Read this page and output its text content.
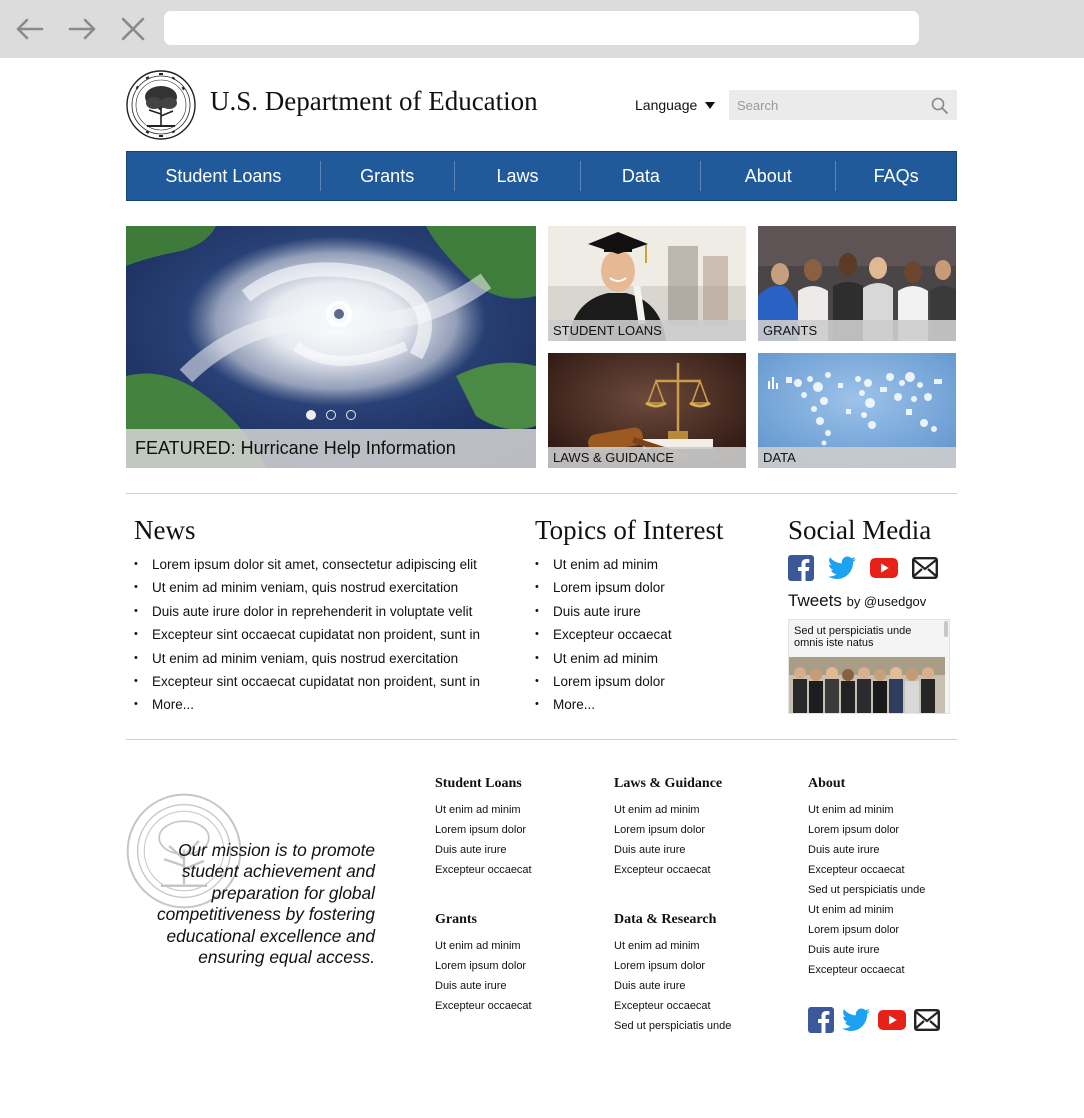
U.S. Department of Education	Language
Search
Student Loans	Grants	Laws	Data	About	FAQs
FEATURED: Hurricane Help Information
STUDENT LOANS	GRANTS
LAWS & GUIDANCE	DATA
News
• Lorem ipsum dolor sit amet, consectetur adipiscing elit
• Ut enim ad minim veniam, quis nostrud exercitation
• Duis aute irure dolor in reprehenderit in voluptate velit
• Excepteur sint occaecat cupidatat non proident, sunt in
• Ut enim ad minim veniam, quis nostrud exercitation
• Excepteur sint occaecat cupidatat non proident, sunt in
• More...
Topics of Interest
• Ut enim ad minim
• Lorem ipsum dolor
• Duis aute irure
• Excepteur occaecat
• Ut enim ad minim
• Lorem ipsum dolor
• More...
Social Media
Tweets by @usedgov
Sed ut perspiciatis unde omnis iste natus
Our mission is to promote student achievement and preparation for global competitiveness by fostering educational excellence and ensuring equal access.
Student Loans
Ut enim ad minim
Lorem ipsum dolor
Duis aute irure
Excepteur occaecat
Grants
Ut enim ad minim
Lorem ipsum dolor
Duis aute irure
Excepteur occaecat
Laws & Guidance
Ut enim ad minim
Lorem ipsum dolor
Duis aute irure
Excepteur occaecat
Data & Research
Ut enim ad minim
Lorem ipsum dolor
Duis aute irure
Excepteur occaecat
Sed ut perspiciatis unde
About
Ut enim ad minim
Lorem ipsum dolor
Duis aute irure
Excepteur occaecat
Sed ut perspiciatis unde
Ut enim ad minim
Lorem ipsum dolor
Duis aute irure
Excepteur occaecat
